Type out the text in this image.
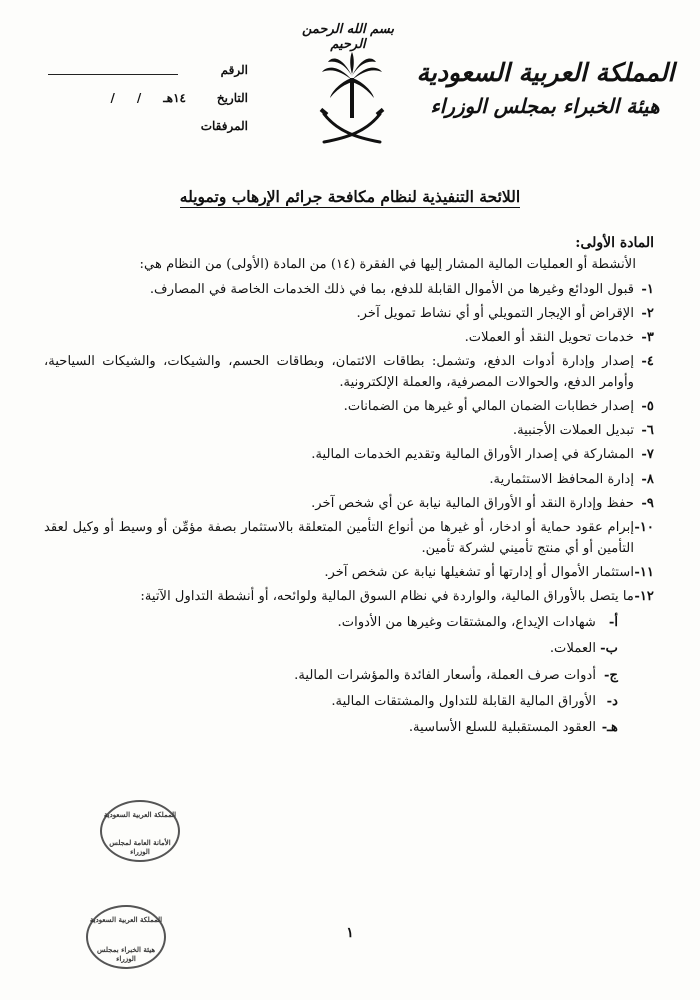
بسم الله الرحمن الرحيم
المملكة العربية السعودية
هيئة الخبراء بمجلس الوزراء
الرقم
التاريخ
١٤هـ
/
/
المرفقات
اللائحة التنفيذية لنظام مكافحة جرائم الإرهاب وتمويله
المادة الأولى:
الأنشطة أو العمليات المالية المشار إليها في الفقرة (١٤) من المادة (الأولى) من النظام هي:
١-
قبول الودائع وغيرها من الأموال القابلة للدفع، بما في ذلك الخدمات الخاصة في المصارف.
٢-
الإقراض أو الإيجار التمويلي أو أي نشاط تمويل آخر.
٣-
خدمات تحويل النقد أو العملات.
٤-
إصدار وإدارة أدوات الدفع، وتشمل: بطاقات الائتمان، وبطاقات الحسم، والشيكات، والشيكات السياحية، وأوامر الدفع، والحوالات المصرفية، والعملة الإلكترونية.
٥-
إصدار خطابات الضمان المالي أو غيرها من الضمانات.
٦-
تبديل العملات الأجنبية.
٧-
المشاركة في إصدار الأوراق المالية وتقديم الخدمات المالية.
٨-
إدارة المحافظ الاستثمارية.
٩-
حفظ وإدارة النقد أو الأوراق المالية نيابة عن أي شخص آخر.
١٠-
إبرام عقود حماية أو ادخار، أو غيرها من أنواع التأمين المتعلقة بالاستثمار بصفة مؤمِّن أو وسيط أو وكيل لعقد التأمين أو أي منتج تأميني لشركة تأمين.
١١-
استثمار الأموال أو إدارتها أو تشغيلها نيابة عن شخص آخر.
١٢-
ما يتصل بالأوراق المالية، والواردة في نظام السوق المالية ولوائحه، أو أنشطة التداول الآتية:
أ-
شهادات الإيداع، والمشتقات وغيرها من الأدوات.
ب-
العملات.
ج-
أدوات صرف العملة، وأسعار الفائدة والمؤشرات المالية.
د-
الأوراق المالية القابلة للتداول والمشتقات المالية.
هـ-
العقود المستقبلية للسلع الأساسية.
١
المملكة العربية السعودية
الأمانة العامة لمجلس الوزراء
المملكة العربية السعودية
هيئة الخبراء بمجلس الوزراء
